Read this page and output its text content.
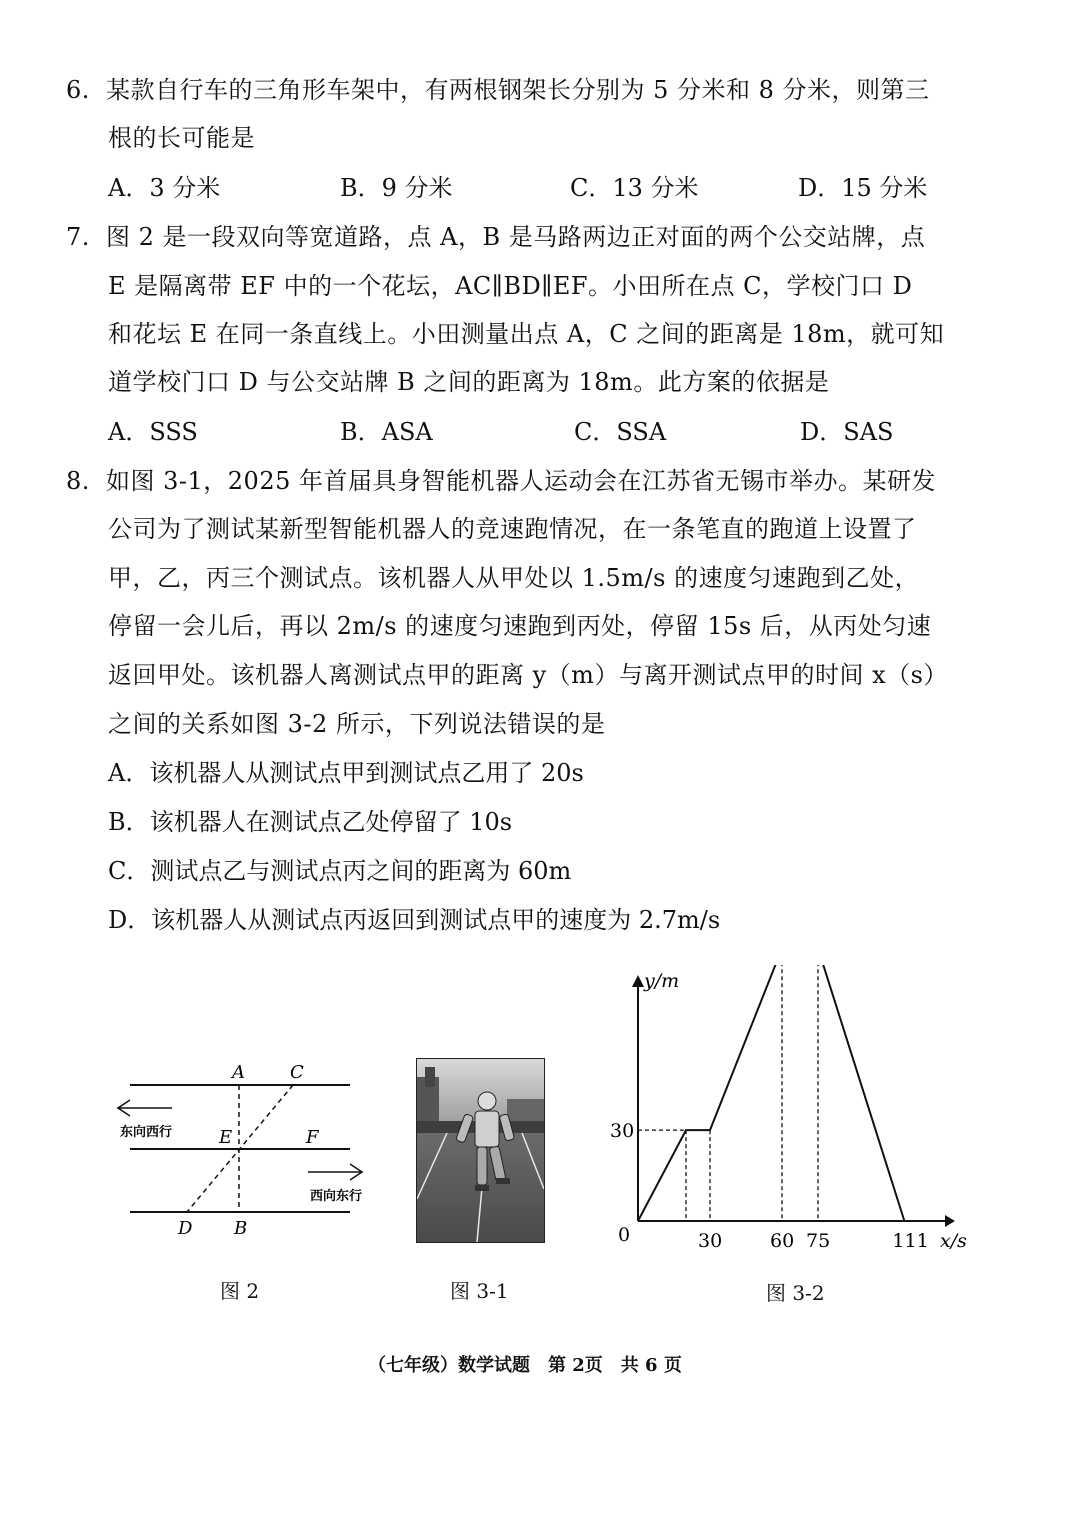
6. 某款自行车的三角形车架中，有两根钢架长分别为 5 分米和 8 分米，则第三
根的长可能是
A．3 分米	B．9 分米	C．13 分米	D．15 分米
7. 图 2 是一段双向等宽道路，点 A，B 是马路两边正对面的两个公交站牌，点
E 是隔离带 EF 中的一个花坛，AC∥BD∥EF。小田所在点 C，学校门口 D
和花坛 E 在同一条直线上。小田测量出点 A，C 之间的距离是 18m，就可知
道学校门口 D 与公交站牌 B 之间的距离为 18m。此方案的依据是
A．SSS	B．ASA	C．SSA	D．SAS
8. 如图 3-1，2025 年首届具身智能机器人运动会在江苏省无锡市举办。某研发
公司为了测试某新型智能机器人的竞速跑情况，在一条笔直的跑道上设置了
甲，乙，丙三个测试点。该机器人从甲处以 1.5m/s 的速度匀速跑到乙处，
停留一会儿后，再以 2m/s 的速度匀速跑到丙处，停留 15s 后，从丙处匀速
返回甲处。该机器人离测试点甲的距离 y（m）与离开测试点甲的时间 x（s）
之间的关系如图 3-2 所示，下列说法错误的是
A．该机器人从测试点甲到测试点乙用了 20s
B．该机器人在测试点乙处停留了 10s
C．测试点乙与测试点丙之间的距离为 60m
D．该机器人从测试点丙返回到测试点甲的速度为 2.7m/s
东向西行
西向东行
A	C
E	F
D B
图 2	图 3-1
y/m
x/s
0
30
30	60 75	111
图 3-2
（七年级）数学试题　第 2页　共 6 页
